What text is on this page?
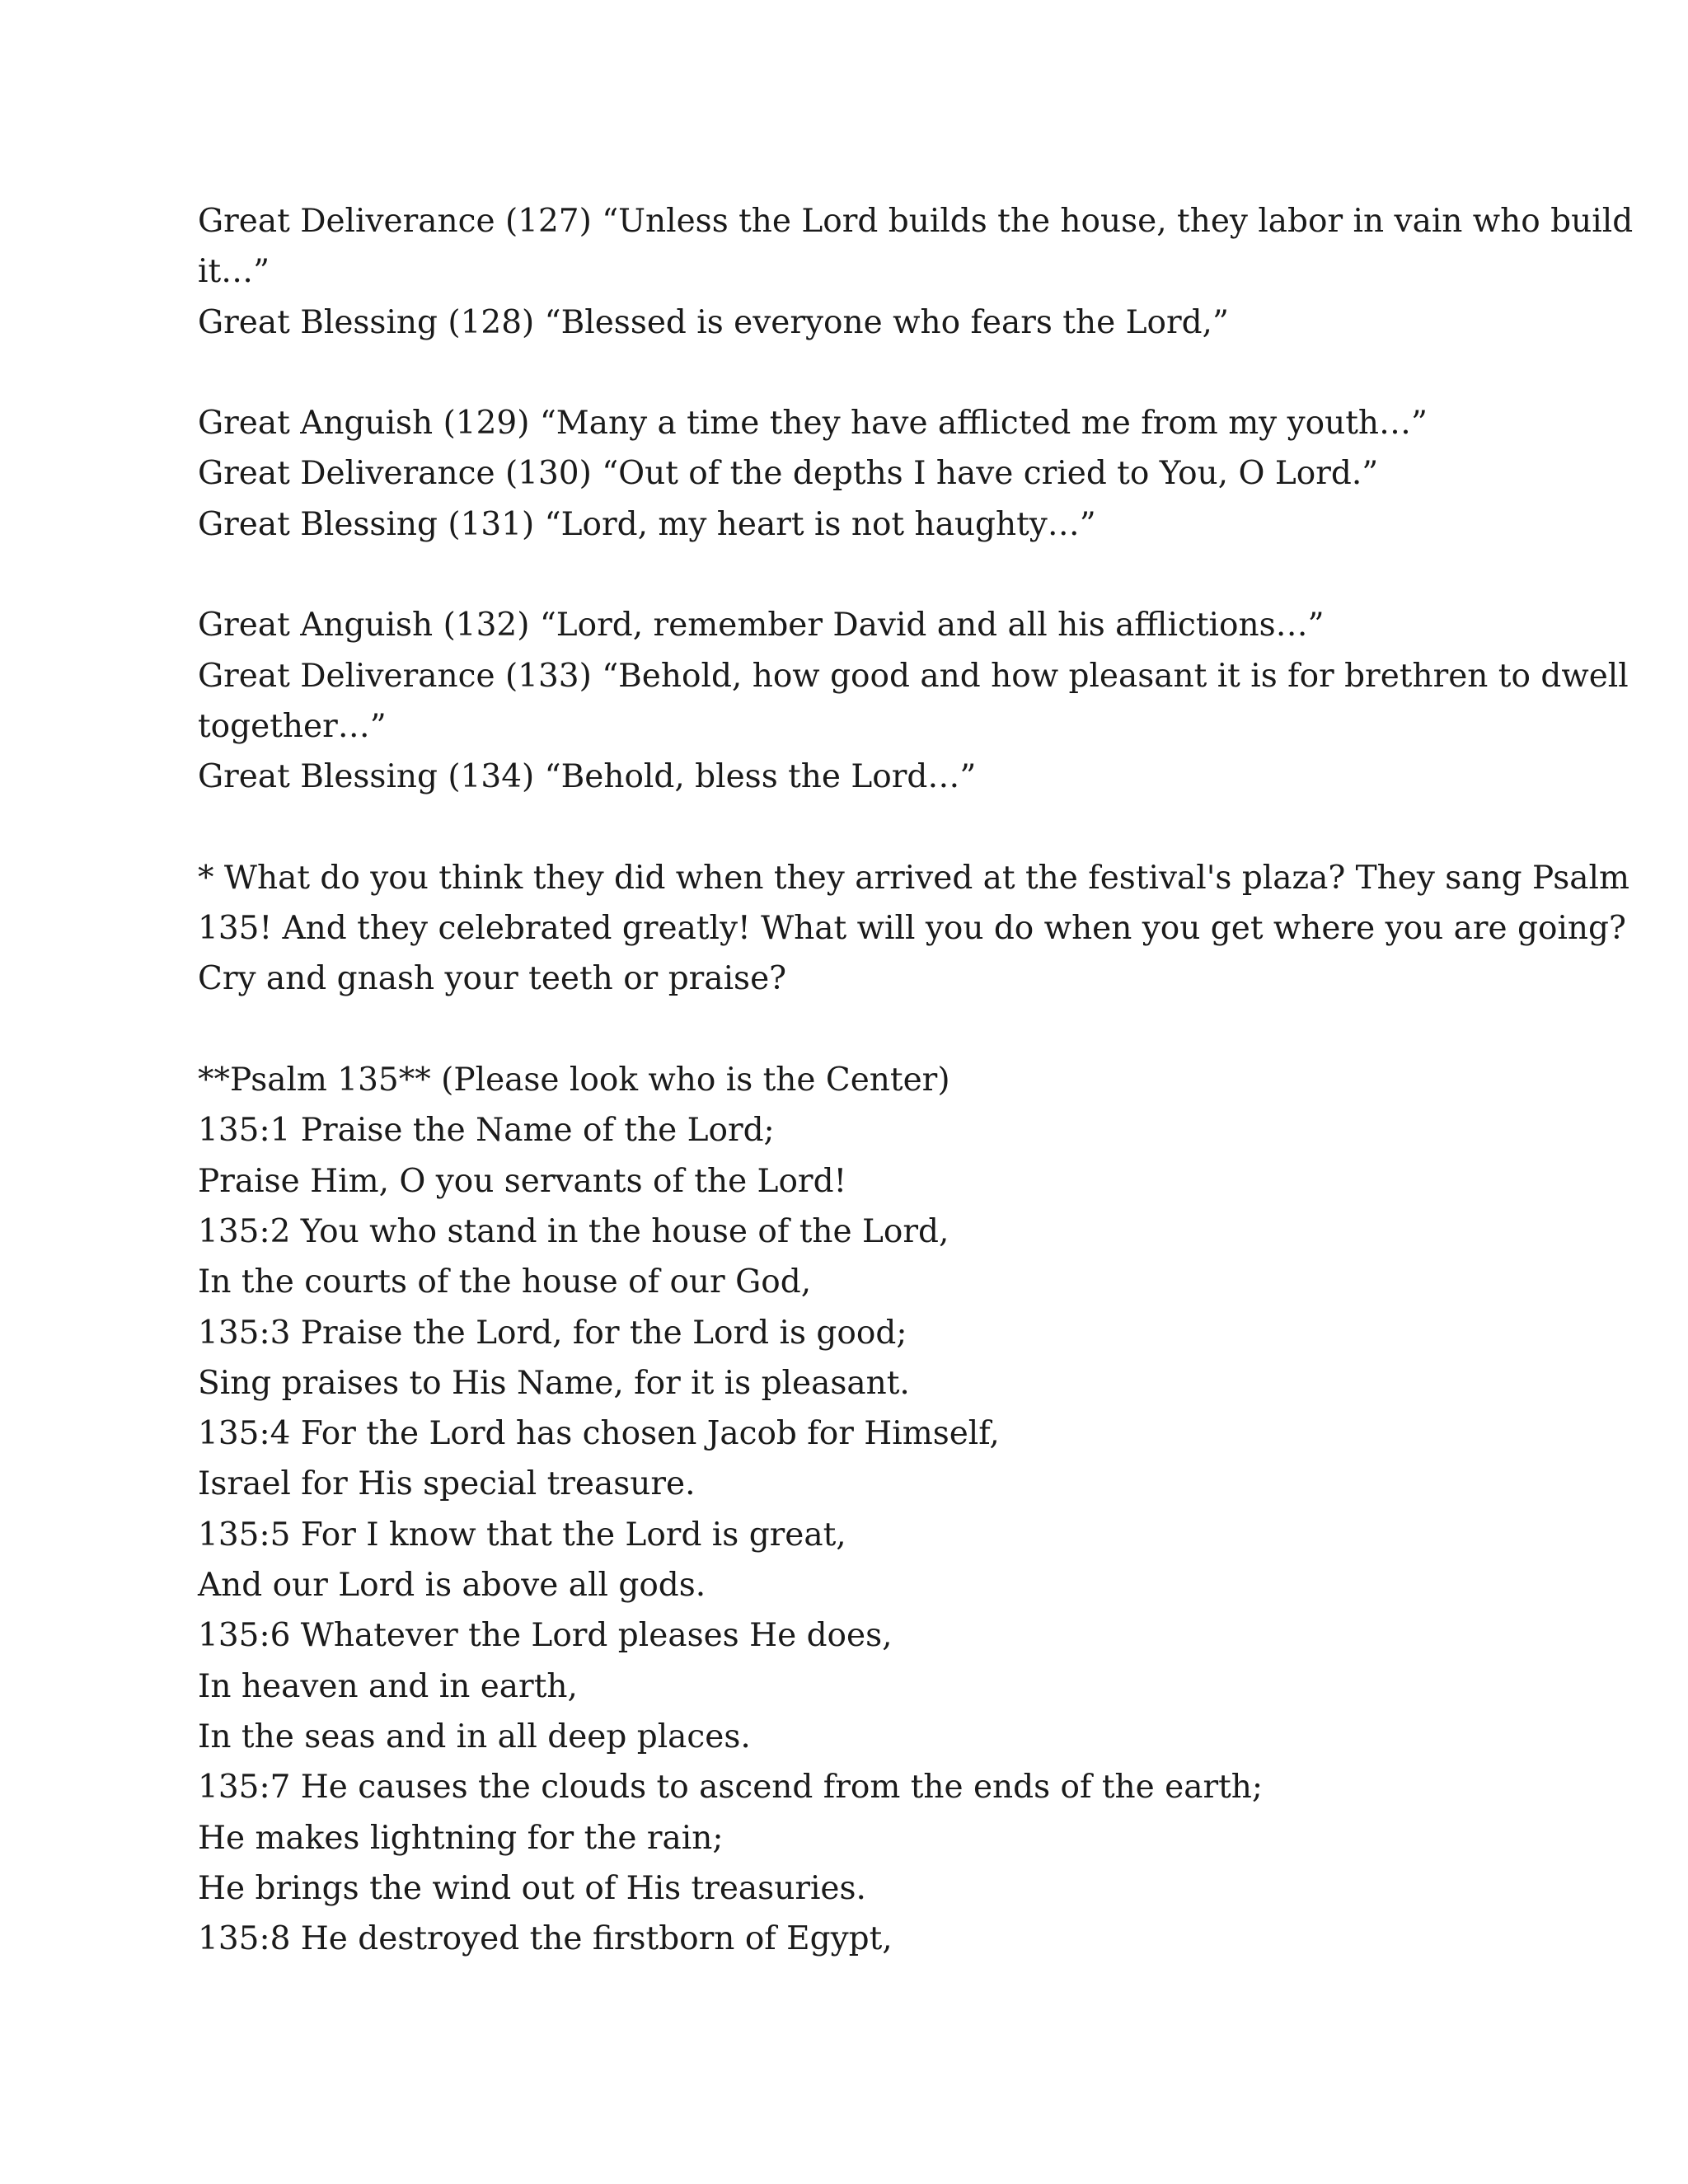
Great Deliverance (127) “Unless the Lord builds the house, they labor in vain who build
it…”
Great Blessing (128) “Blessed is everyone who fears the Lord,”
Great Anguish (129) “Many a time they have afflicted me from my youth…”
Great Deliverance (130) “Out of the depths I have cried to You, O Lord.”
Great Blessing (131) “Lord, my heart is not haughty…”
Great Anguish (132) “Lord, remember David and all his afflictions…”
Great Deliverance (133) “Behold, how good and how pleasant it is for brethren to dwell
together…”
Great Blessing (134) “Behold, bless the Lord…”
* What do you think they did when they arrived at the festival's plaza? They sang Psalm
135! And they celebrated greatly! What will you do when you get where you are going?
Cry and gnash your teeth or praise?
**Psalm 135** (Please look who is the Center)
135:1 Praise the Name of the Lord;
Praise Him, O you servants of the Lord!
135:2 You who stand in the house of the Lord,
In the courts of the house of our God,
135:3 Praise the Lord, for the Lord is good;
Sing praises to His Name, for it is pleasant.
135:4 For the Lord has chosen Jacob for Himself,
Israel for His special treasure.
135:5 For I know that the Lord is great,
And our Lord is above all gods.
135:6 Whatever the Lord pleases He does,
In heaven and in earth,
In the seas and in all deep places.
135:7 He causes the clouds to ascend from the ends of the earth;
He makes lightning for the rain;
He brings the wind out of His treasuries.
135:8 He destroyed the firstborn of Egypt,
